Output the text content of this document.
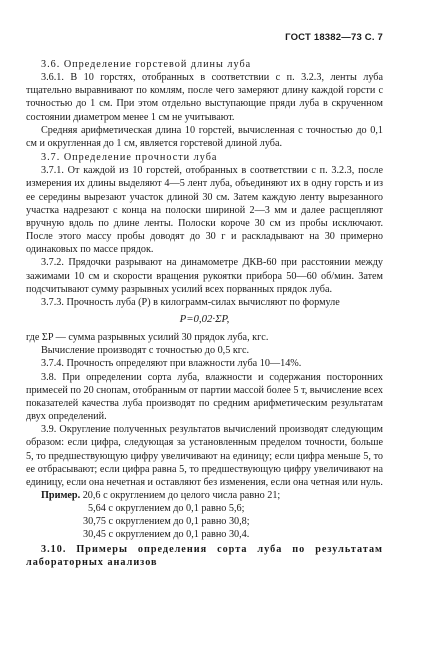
ГОСТ 18382—73 С. 7

3.6. Определение горстевой длины луба

3.6.1. В 10 горстях, отобранных в соответствии с п. 3.2.3, ленты луба тщательно выравнивают по комлям, после чего замеряют длину каждой горсти с точностью до 1 см. При этом отдельно выступающие пряди луба в скрученном состоянии диаметром менее 1 см не учитывают.

Средняя арифметическая длина 10 горстей, вычисленная с точностью до 0,1 см и округленная до 1 см, является горстевой длиной луба.

3.7. Определение прочности луба

3.7.1. От каждой из 10 горстей, отобранных в соответствии с п. 3.2.3, после измерения их длины выделяют 4—5 лент луба, объединяют их в одну горсть и из ее середины вырезают участок длиной 30 см. Затем каждую ленту вырезанного участка надрезают с конца на полоски шириной 2—3 мм и далее расщепляют вручную вдоль по длине ленты. Полоски короче 30 см из пробы исключают. После этого массу пробы доводят до 30 г и раскладывают на 30 примерно одинаковых по массе прядок.

3.7.2. Прядочки разрывают на динамометре ДКВ-60 при расстоянии между зажимами 10 см и скорости вращения рукоятки прибора 50—60 об/мин. Затем подсчитывают сумму разрывных усилий всех порванных прядок луба.

3.7.3. Прочность луба (P) в килограмм-силах вычисляют по формуле

P=0,02·ΣP,

где ΣP — сумма разрывных усилий 30 прядок луба, кгс.

Вычисление производят с точностью до 0,5 кгс.

3.7.4. Прочность определяют при влажности луба 10—14%.

3.8. При определении сорта луба, влажности и содержания посторонних примесей по 20 снопам, отобранным от партии массой более 5 т, вычисление всех показателей качества луба производят по средним арифметическим результатам двух определений.

3.9. Округление полученных результатов вычислений производят следующим образом: если цифра, следующая за установленным пределом точности, больше 5, то предшествующую цифру увеличивают на единицу; если цифра меньше 5, то ее отбрасывают; если цифра равна 5, то предшествующую цифру увеличивают на единицу, если она нечетная и оставляют без изменения, если она четная или нуль.

Пример. 20,6 с округлением до целого числа равно 21;

5,64 с округлением до 0,1 равно 5,6;

30,75 с округлением до 0,1 равно 30,8;

30,45 с округлением до 0,1 равно 30,4.

3.10. Примеры определения сорта луба по результатам лабораторных анализов
